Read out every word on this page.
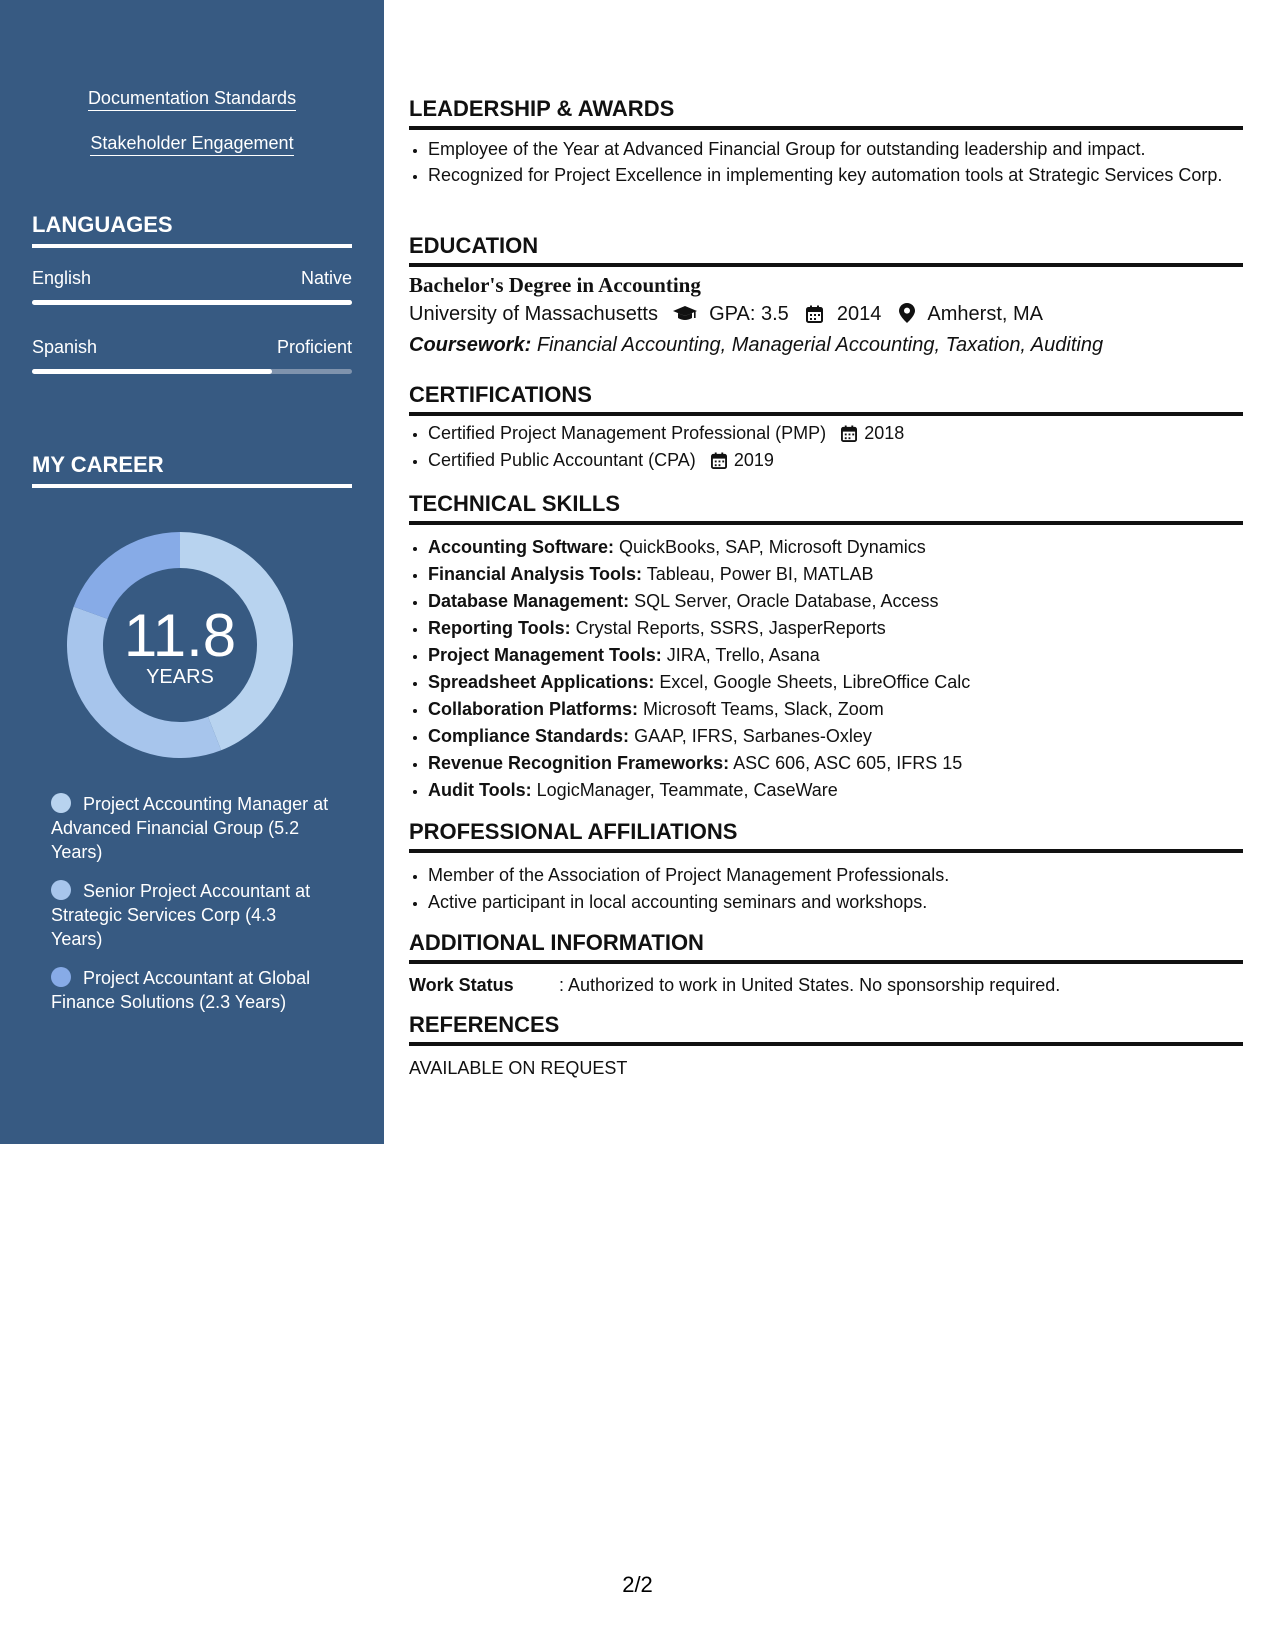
Documentation Standards
Stakeholder Engagement
LANGUAGES
English	Native
Spanish	Proficient
MY CAREER
11.8
YEARS
Project Accounting Manager at Advanced Financial Group (5.2 Years)
Senior Project Accountant at Strategic Services Corp (4.3 Years)
Project Accountant at Global Finance Solutions (2.3 Years)
LEADERSHIP & AWARDS
• Employee of the Year at Advanced Financial Group for outstanding leadership and impact.
• Recognized for Project Excellence in implementing key automation tools at Strategic Services Corp.
EDUCATION
Bachelor's Degree in Accounting
University of Massachusetts	GPA: 3.5 2014 Amherst, MA
Coursework: Financial Accounting, Managerial Accounting, Taxation, Auditing
CERTIFICATIONS
• Certified Project Management Professional (PMP) 2018
• Certified Public Accountant (CPA) 2019
TECHNICAL SKILLS
• Accounting Software: QuickBooks, SAP, Microsoft Dynamics
• Financial Analysis Tools: Tableau, Power BI, MATLAB
• Database Management: SQL Server, Oracle Database, Access
• Reporting Tools: Crystal Reports, SSRS, JasperReports
• Project Management Tools: JIRA, Trello, Asana
• Spreadsheet Applications: Excel, Google Sheets, LibreOffice Calc
• Collaboration Platforms: Microsoft Teams, Slack, Zoom
• Compliance Standards: GAAP, IFRS, Sarbanes-Oxley
• Revenue Recognition Frameworks: ASC 606, ASC 605, IFRS 15
• Audit Tools: LogicManager, Teammate, CaseWare
PROFESSIONAL AFFILIATIONS
• Member of the Association of Project Management Professionals.
• Active participant in local accounting seminars and workshops.
ADDITIONAL INFORMATION
Work Status	: Authorized to work in United States. No sponsorship required.
REFERENCES
AVAILABLE ON REQUEST
2/2
